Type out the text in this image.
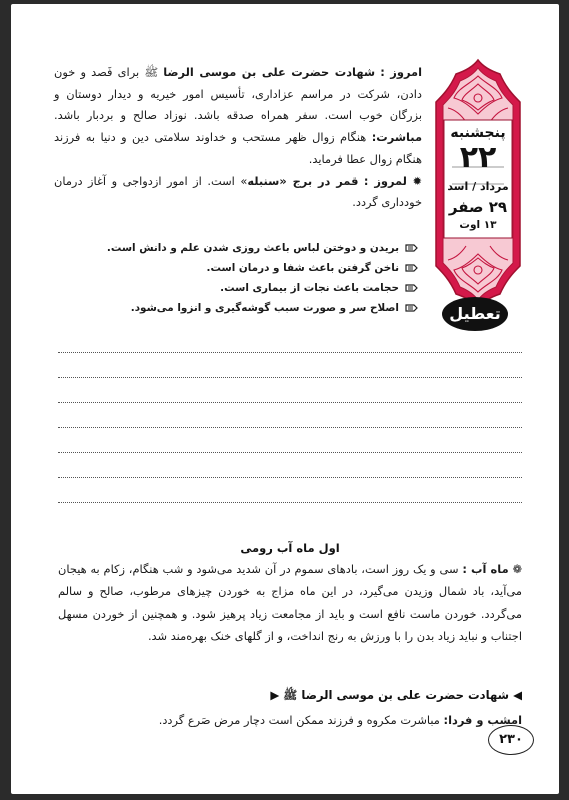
امروز : شهادت حضرت علی بن موسی الرضا ﷺ برای فَصد و خون دادن، شرکت در مراسم عزاداری، تأسیس امور خیریه و دیدار دوستان و بزرگان خوب است. سفر همراه صدقه باشد. نوزاد صالح و بردبار باشد. مباشرت: هنگام زوال ظهر مستحب و خداوند سلامتی دین و دنیا به فرزند هنگام زوال عطا فرماید.

✹ لمروز : قمر در برج «سنبله» است. از امور ازدواجی و آغاز درمان خودداری گردد.

بریدن و دوختن لباس باعث روزی شدن علم و دانش است.
ناخن گرفتن باعث شفا و درمان است.
حجامت باعث نجات از بیماری است.
اصلاح سر و صورت سبب گوشه‌گیری و انزوا می‌شود.
پنجشنبه
۲۲
مرداد / اسد
۲۹ صفر
۱۳ اوت
تعطیل
اول ماه آب رومی

❁ ماه آب : سی و یک روز است، بادهای سموم در آن شدید می‌شود و شب هنگام، زکام به هیجان می‌آید، باد شمال وزیدن می‌گیرد، در این ماه مزاج به خوردن چیزهای مرطوب، صالح و سالم می‌گردد. خوردن ماست نافع است و باید از مجامعت زیاد پرهیز شود. و همچنین از خوردن مسهل اجتناب و نباید زیاد بدن را با ورزش به رنج انداخت، و از گلهای خنک بهره‌مند شد.

◀ شهادت حضرت علی بن موسی الرضا ﷺ ▶
امشب و فردا: مباشرت مکروه و فرزند ممکن است دچار مرض صَرع گردد.
۲۳۰
